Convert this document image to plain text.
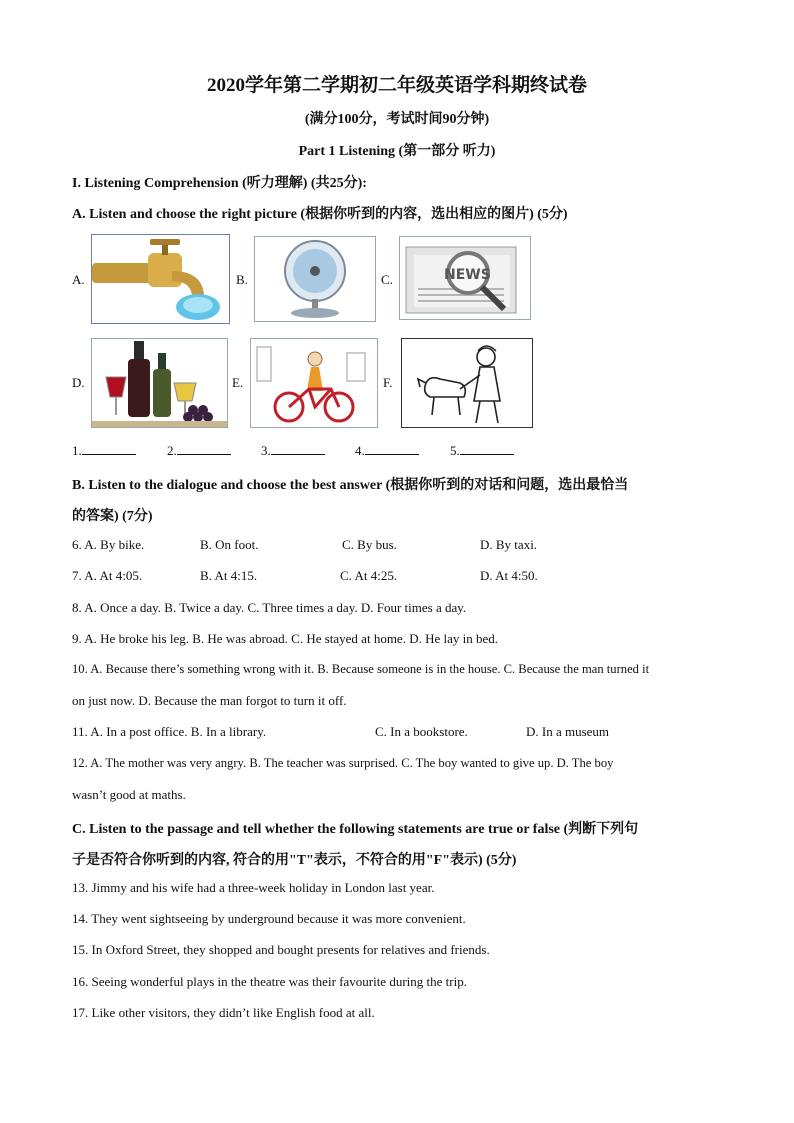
2020学年第二学期初二年级英语学科期终试卷
(满分100分，考试时间90分钟)
Part 1 Listening (第一部分 听力)
I. Listening Comprehension (听力理解) (共25分):
A. Listen and choose the right picture (根据你听到的内容，选出相应的图片) (5分)
A.	B.	C.	NEWS
D.	E.	F.
1.	2.	3.	4.	5.
B. Listen to the dialogue and choose the best answer (根据你听到的对话和问题，选出最恰当
的答案) (7分)
6. A. By bike.	B. On foot.	C. By bus.	D. By taxi.
7. A. At 4:05.	B. At 4:15.	C. At 4:25.	D. At 4:50.
8. A. Once a day. B. Twice a day. C. Three times a day. D. Four times a day.
9. A. He broke his leg. B. He was abroad. C. He stayed at home. D. He lay in bed.
10. A. Because there’s something wrong with it. B. Because someone is in the house. C. Because the man turned it
on just now. D. Because the man forgot to turn it off.
11. A. In a post office. B. In a library.	C. In a bookstore.	D. In a museum
12. A. The mother was very angry. B. The teacher was surprised. C. The boy wanted to give up. D. The boy
wasn’t good at maths.
C. Listen to the passage and tell whether the following statements are true or false (判断下列句
子是否符合你听到的内容, 符合的用"T"表示，不符合的用"F"表示) (5分)
13. Jimmy and his wife had a three-week holiday in London last year.
14. They went sightseeing by underground because it was more convenient.
15. In Oxford Street, they shopped and bought presents for relatives and friends.
16. Seeing wonderful plays in the theatre was their favourite during the trip.
17. Like other visitors, they didn’t like English food at all.
